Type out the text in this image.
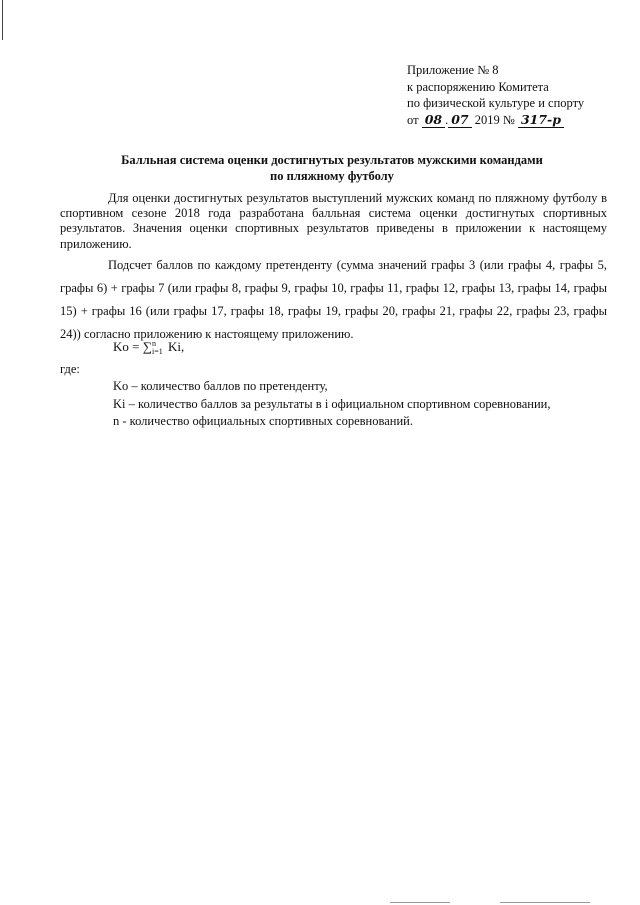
Приложение № 8
к распоряжению Комитета
по физической культуре и спорту
от 08 . 07 2019 № 317-р
Балльная система оценки достигнутых результатов мужскими командами
по пляжному футболу
Для оценки достигнутых результатов выступлений мужских команд по пляжному футболу в спортивном сезоне 2018 года разработана балльная система оценки достигнутых спортивных результатов. Значения оценки спортивных результатов приведены в приложении к настоящему приложению.
Подсчет баллов по каждому претенденту (сумма значений графы 3 (или графы 4, графы 5, графы 6) + графы 7 (или графы 8, графы 9, графы 10, графы 11, графы 12, графы 13, графы 14, графы 15) + графы 16 (или графы 17, графы 18, графы 19, графы 20, графы 21, графы 22, графы 23, графы 24)) согласно приложению к настоящему приложению.
Ko = ∑ n
i=1 Ki,
где:
Ko – количество баллов по претенденту,
Ki – количество баллов за результаты в i официальном спортивном соревновании,
n - количество официальных спортивных соревнований.
